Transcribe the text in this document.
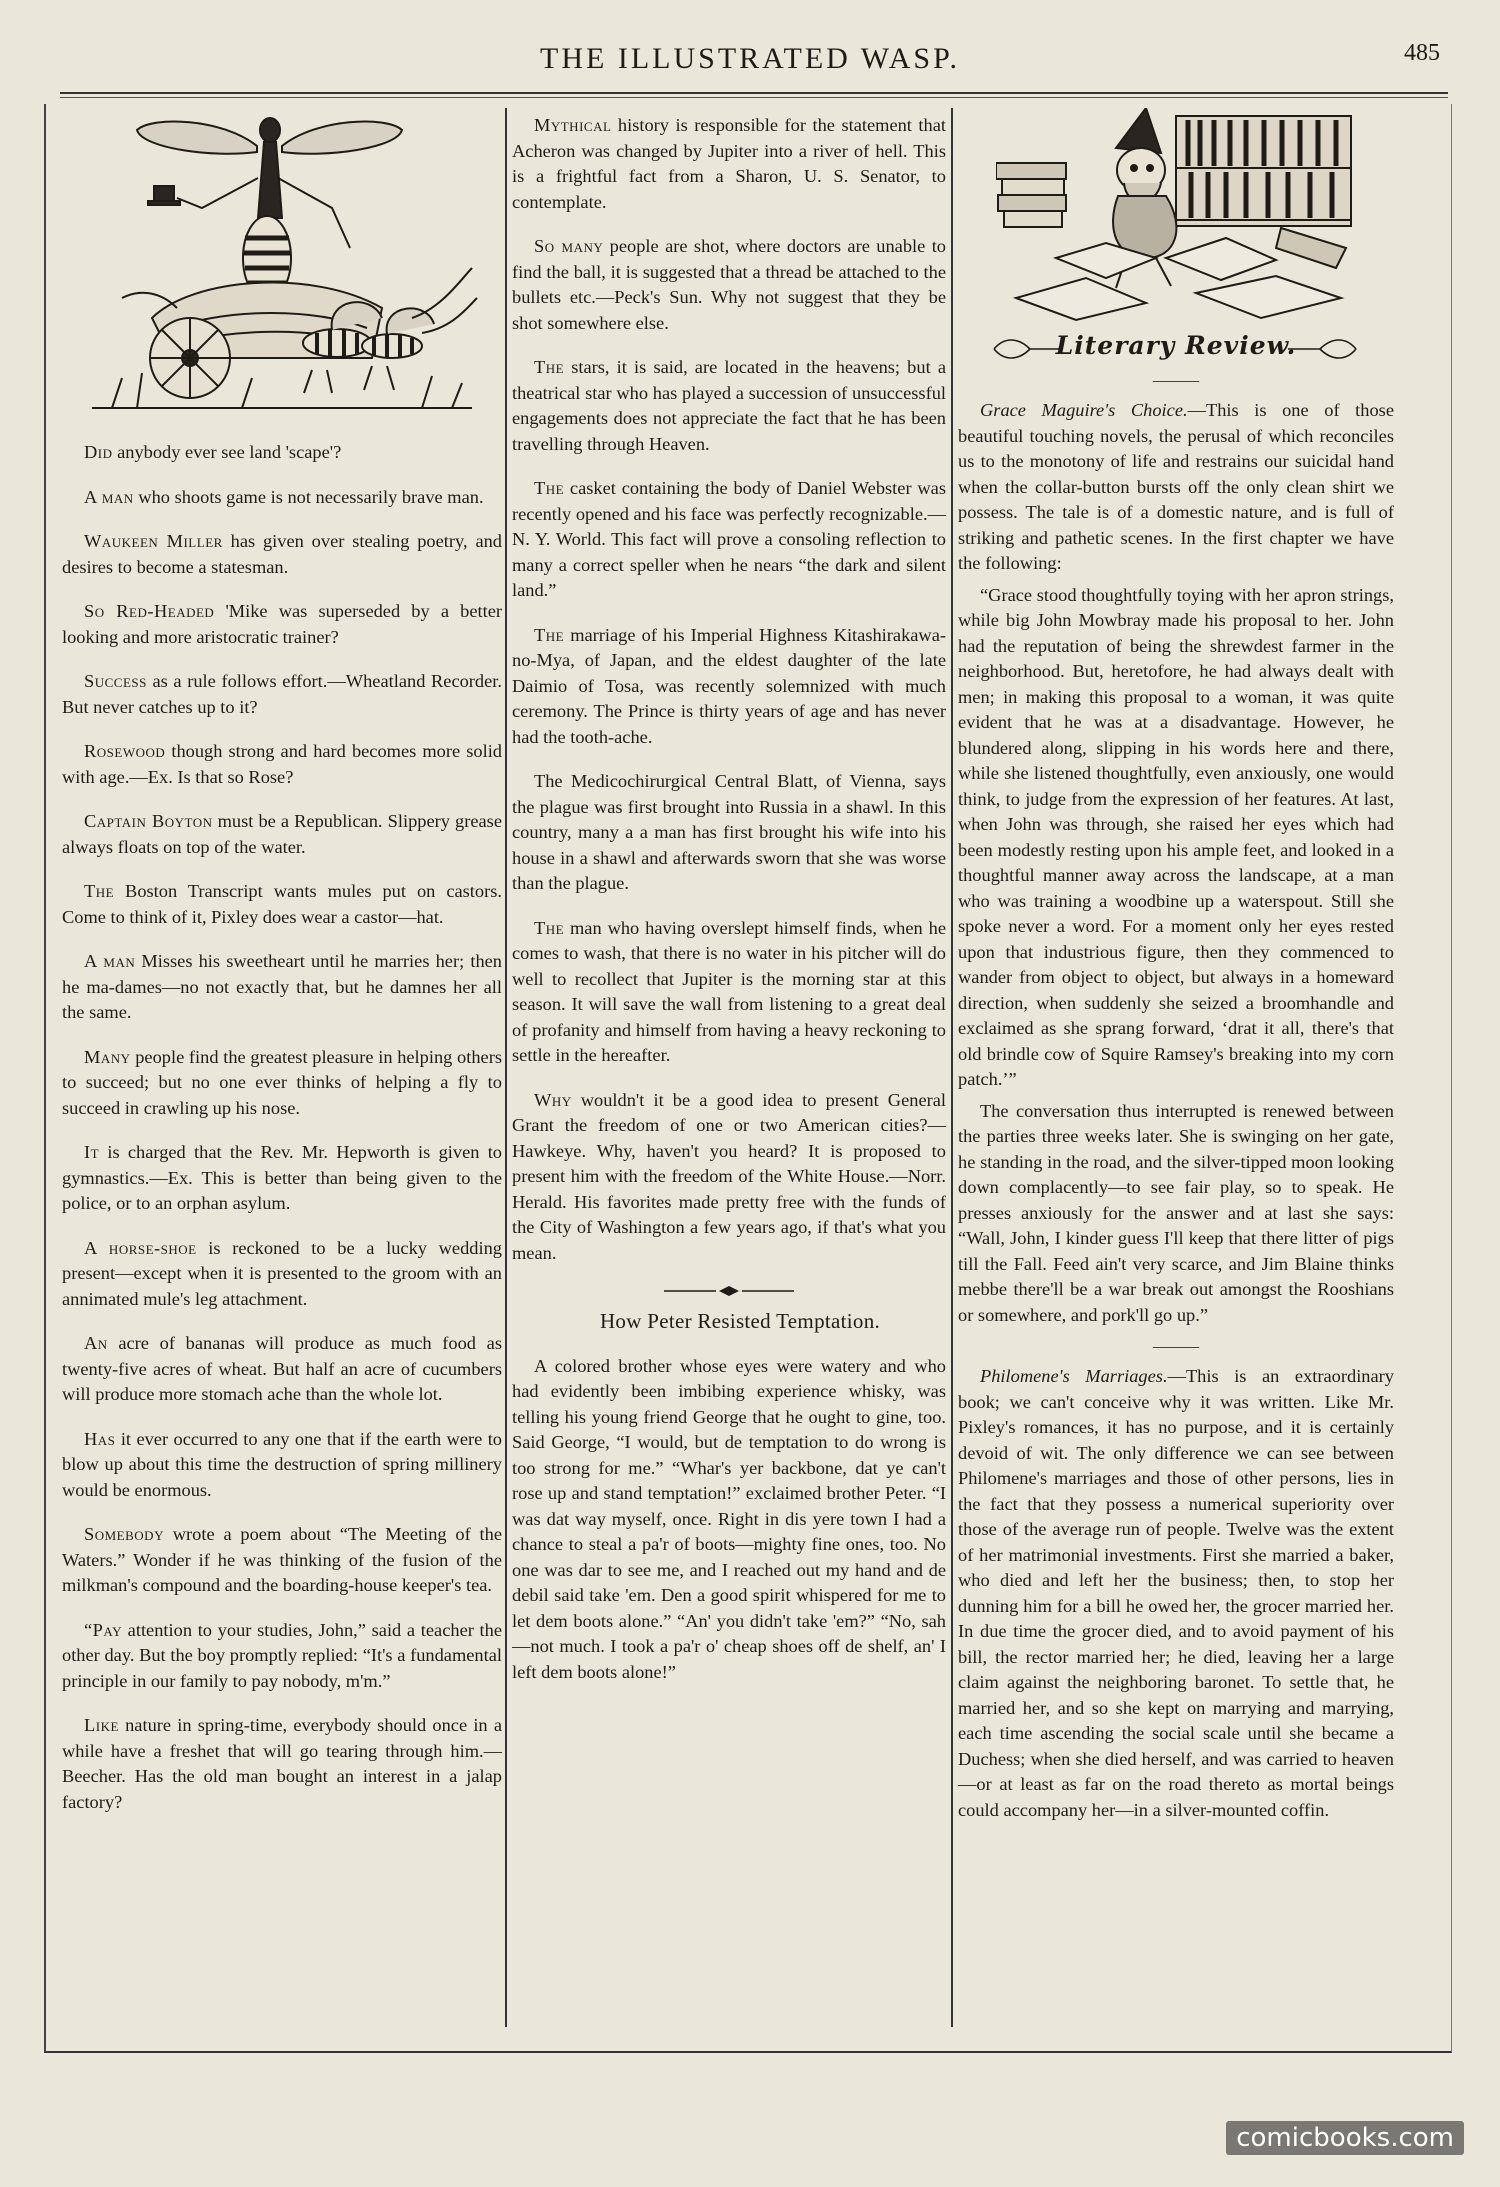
THE ILLUSTRATED WASP.	485

Did anybody ever see land 'scape'?

A man who shoots game is not necessarily brave man.

Waukeen Miller has given over stealing poetry, and desires to become a statesman.

So Red-Headed 'Mike was superseded by a better looking and more aristocratic trainer?

Success as a rule follows effort.—Wheatland Recorder. But never catches up to it?

Rosewood though strong and hard becomes more solid with age.—Ex. Is that so Rose?

Captain Boyton must be a Republican. Slippery grease always floats on top of the water.

The Boston Transcript wants mules put on castors. Come to think of it, Pixley does wear a castor—hat.

A man Misses his sweetheart until he marries her; then he ma-dames—no not exactly that, but he damnes her all the same.

Many people find the greatest pleasure in helping others to succeed; but no one ever thinks of helping a fly to succeed in crawling up his nose.

It is charged that the Rev. Mr. Hepworth is given to gymnastics.—Ex. This is better than being given to the police, or to an orphan asylum.

A horse-shoe is reckoned to be a lucky wedding present—except when it is presented to the groom with an annimated mule's leg attachment.

An acre of bananas will produce as much food as twenty-five acres of wheat. But half an acre of cucumbers will produce more stomach ache than the whole lot.

Has it ever occurred to any one that if the earth were to blow up about this time the destruction of spring millinery would be enormous.

Somebody wrote a poem about “The Meeting of the Waters.” Wonder if he was thinking of the fusion of the milkman's compound and the boarding-house keeper's tea.

“Pay attention to your studies, John,” said a teacher the other day. But the boy promptly replied: “It's a fundamental principle in our family to pay nobody, m'm.”

Like nature in spring-time, everybody should once in a while have a freshet that will go tearing through him.—Beecher. Has the old man bought an interest in a jalap factory?

Mythical history is responsible for the statement that Acheron was changed by Jupiter into a river of hell. This is a frightful fact from a Sharon, U. S. Senator, to contemplate.

So many people are shot, where doctors are unable to find the ball, it is suggested that a thread be attached to the bullets etc.—Peck's Sun. Why not suggest that they be shot somewhere else.

The stars, it is said, are located in the heavens; but a theatrical star who has played a succession of unsuccessful engagements does not appreciate the fact that he has been travelling through Heaven.

The casket containing the body of Daniel Webster was recently opened and his face was perfectly recognizable.—N. Y. World. This fact will prove a consoling reflection to many a correct speller when he nears “the dark and silent land.”

The marriage of his Imperial Highness Kitashirakawa-no-Mya, of Japan, and the eldest daughter of the late Daimio of Tosa, was recently solemnized with much ceremony. The Prince is thirty years of age and has never had the tooth-ache.

The Medicochirurgical Central Blatt, of Vienna, says the plague was first brought into Russia in a shawl. In this country, many a a man has first brought his wife into his house in a shawl and afterwards sworn that she was worse than the plague.

The man who having overslept himself finds, when he comes to wash, that there is no water in his pitcher will do well to recollect that Jupiter is the morning star at this season. It will save the wall from listening to a great deal of profanity and himself from having a heavy reckoning to settle in the hereafter.

Why wouldn't it be a good idea to present General Grant the freedom of one or two American cities?—Hawkeye. Why, haven't you heard? It is proposed to present him with the freedom of the White House.—Norr. Herald. His favorites made pretty free with the funds of the City of Washington a few years ago, if that's what you mean.

How Peter Resisted Temptation.

A colored brother whose eyes were watery and who had evidently been imbibing experience whisky, was telling his young friend George that he ought to gine, too. Said George, “I would, but de temptation to do wrong is too strong for me.” “Whar's yer backbone, dat ye can't rose up and stand temptation!” exclaimed brother Peter. “I was dat way myself, once. Right in dis yere town I had a chance to steal a pa'r of boots—mighty fine ones, too. No one was dar to see me, and I reached out my hand and de debil said take 'em. Den a good spirit whispered for me to let dem boots alone.” “An' you didn't take 'em?” “No, sah—not much. I took a pa'r o' cheap shoes off de shelf, an' I left dem boots alone!”

Literary Review.

Grace Maguire's Choice.—This is one of those beautiful touching novels, the perusal of which reconciles us to the monotony of life and restrains our suicidal hand when the collar-button bursts off the only clean shirt we possess. The tale is of a domestic nature, and is full of striking and pathetic scenes. In the first chapter we have the following:

“Grace stood thoughtfully toying with her apron strings, while big John Mowbray made his proposal to her. John had the reputation of being the shrewdest farmer in the neighborhood. But, heretofore, he had always dealt with men; in making this proposal to a woman, it was quite evident that he was at a disadvantage. However, he blundered along, slipping in his words here and there, while she listened thoughtfully, even anxiously, one would think, to judge from the expression of her features. At last, when John was through, she raised her eyes which had been modestly resting upon his ample feet, and looked in a thoughtful manner away across the landscape, at a man who was training a woodbine up a waterspout. Still she spoke never a word. For a moment only her eyes rested upon that industrious figure, then they commenced to wander from object to object, but always in a homeward direction, when suddenly she seized a broomhandle and exclaimed as she sprang forward, ‘drat it all, there's that old brindle cow of Squire Ramsey's breaking into my corn patch.’”

The conversation thus interrupted is renewed between the parties three weeks later. She is swinging on her gate, he standing in the road, and the silver-tipped moon looking down complacently—to see fair play, so to speak. He presses anxiously for the answer and at last she says: “Wall, John, I kinder guess I'll keep that there litter of pigs till the Fall. Feed ain't very scarce, and Jim Blaine thinks mebbe there'll be a war break out amongst the Rooshians or somewhere, and pork'll go up.”

Philomene's Marriages.—This is an extraordinary book; we can't conceive why it was written. Like Mr. Pixley's romances, it has no purpose, and it is certainly devoid of wit. The only difference we can see between Philomene's marriages and those of other persons, lies in the fact that they possess a numerical superiority over those of the average run of people. Twelve was the extent of her matrimonial investments. First she married a baker, who died and left her the business; then, to stop her dunning him for a bill he owed her, the grocer married her. In due time the grocer died, and to avoid payment of his bill, the rector married her; he died, leaving her a large claim against the neighboring baronet. To settle that, he married her, and so she kept on marrying and marrying, each time ascending the social scale until she became a Duchess; when she died herself, and was carried to heaven—or at least as far on the road thereto as mortal beings could accompany her—in a silver-mounted coffin.

comicbooks.com
